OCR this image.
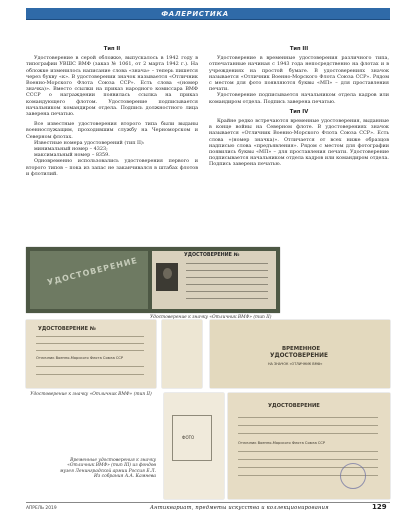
ФАЛЕРИСТИКА
Тип II

Удостоверение в серой обложке, выпускалось в 1942 году в типографии УВШС ВМФ (заказ № 1061, от 2 марта 1942 г.). На обложке изменилось написание слова «знача» – теперь пишется через букву «к». В удостоверении значок называется «Отличник Военно-Морского Флота Союза ССР». Есть слова «(номер значка)». Вместо ссылки на приказ народного комиссара ВМФ СССР о награждении появилась ссылка на приказ командующего флотом. Удостоверение подписывается начальником командиром отдела. Подпись должностного лица заверена печатью.

Все известные удостоверения второго типа были выданы военнослужащим, проходившим службу на Черноморском и Северном флотах.

Известные номера удостоверений (тип II):

минимальный номер – 4323;

максимальный номер – 8359.

Одновременно использовались удостоверения первого и второго типов – пока из запас не заканчивался в штабах флотов и флотилий.

Тип III

Удостоверение в временные удостоверения различного типа, отпечатанные начиная с 1943 года непосредственно на флотах и в учреждениях на простой бумаге. В удостоверениях значок называется «Отличник Военно-Морского Флота Союза ССР». Рядом с местом для фото появляются буквы «МП» – для проставления печати.

Удостоверение подписывается начальником отдела кадров или командиром отдела. Подпись заверена печатью.

Тип IV

Крайне редко встречаются временные удостоверения, выданные в конце войны на Северном флоте. В удостоверениях значок называется «Отличник Военно-Морского Флота Союза ССР». Есть слова «(номер значка)». Отличается от всех ниже образцов надписью слова «предъявления». Рядом с местом для фотографии появились буквы «МП» – для проставления печати. Удостоверение подписывается начальником отдела кадров или командиром отдела. Подпись заверена печатью.

УДОСТОВЕРЕНИЕ
УДОСТОВЕРЕНИЕ №
Удостоверение к значку «Отличник ВМФ» (тип II)
УДОСТОВЕРЕНИЕ №
Отличник Военно-Морского Флота Союза ССР
Удостоверение к значку «Отличник ВМФ» (тип II)
ВРЕМЕННОЕ
УДОСТОВЕРЕНИЕ
НА ЗНАЧОК «ОТЛИЧНИК ВМФ»
ФОТО
УДОСТОВЕРЕНИЕ
Отличник Военно-Морского Флота Союза ССР
Временные удостоверения к значку «Отличник ВМФ» (тип III) из фондов музея Ленинградской армии Россия Е.Л. Из собрания А.А. Камнева
АПРЕЛЬ 2019	Антиквариат, предметы искусства и коллекционирования	129
